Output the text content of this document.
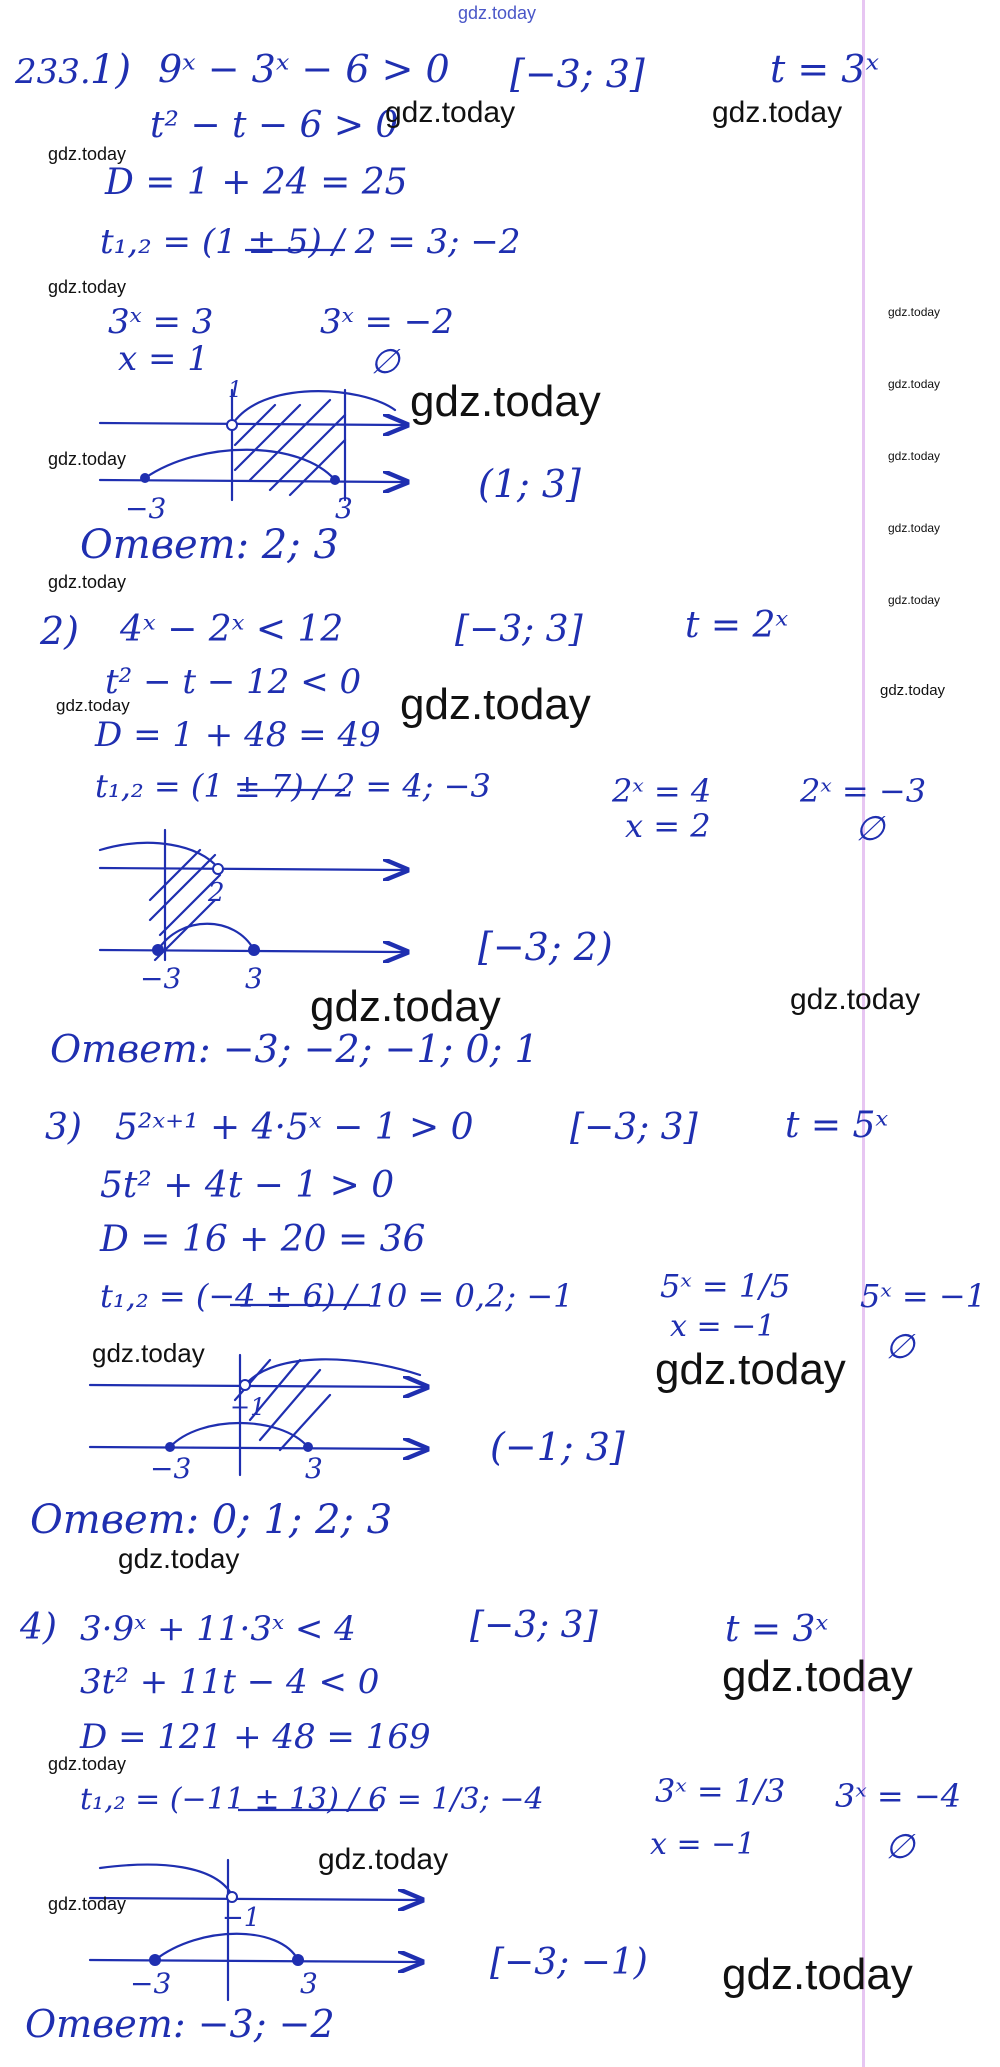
gdz.today
233. 1) 9ˣ − 3ˣ − 6 > 0 [−3; 3]	t = 3ˣ
t² − t − 6 > 0
D = 1 + 24 = 25
t₁,₂ = (1 ± 5) / 2 = 3; −2
3ˣ = 3	3ˣ = −2
x = 1	∅
1
−3	3
(1; 3]
Ответ: 2; 3
2) 4ˣ − 2ˣ < 12	[−3; 3]	t = 2ˣ
t² − t − 12 < 0
D = 1 + 48 = 49
t₁,₂ = (1 ± 7) / 2 = 4; −3	2ˣ = 4	2ˣ = −3
x = 2	∅
2
−3 3
[−3; 2)
Ответ: −3; −2; −1; 0; 1
3) 5²ˣ⁺¹ + 4·5ˣ − 1 > 0	[−3; 3] t = 5ˣ
5t² + 4t − 1 > 0
D = 16 + 20 = 36
t₁,₂ = (−4 ± 6) / 10 = 0,2; −1	5ˣ = 1/5 5ˣ = −1
x = −1
∅
−1
−3	3	(−1; 3]
Ответ: 0; 1; 2; 3
4) 3·9ˣ + 11·3ˣ < 4	[−3; 3]	t = 3ˣ
3t² + 11t − 4 < 0
D = 121 + 48 = 169
t₁,₂ = (−11 ± 13) / 6 = 1/3; −4	3ˣ = 1/3 3ˣ = −4
x = −1	∅
−1
−3	3
[−3; −1)
Ответ: −3; −2
gdz.today	gdz.today
gdz.today
gdz.today
gdz.today
gdz.today
gdz.today
gdz.today	gdz.today
gdz.today	gdz.today
gdz.today	gdz.today
gdz.today
gdz.today
gdz.today
gdz.today
gdz.today
gdz.today
gdz.today
gdz.today
gdz.today
gdz.today
gdz.today
gdz.today
